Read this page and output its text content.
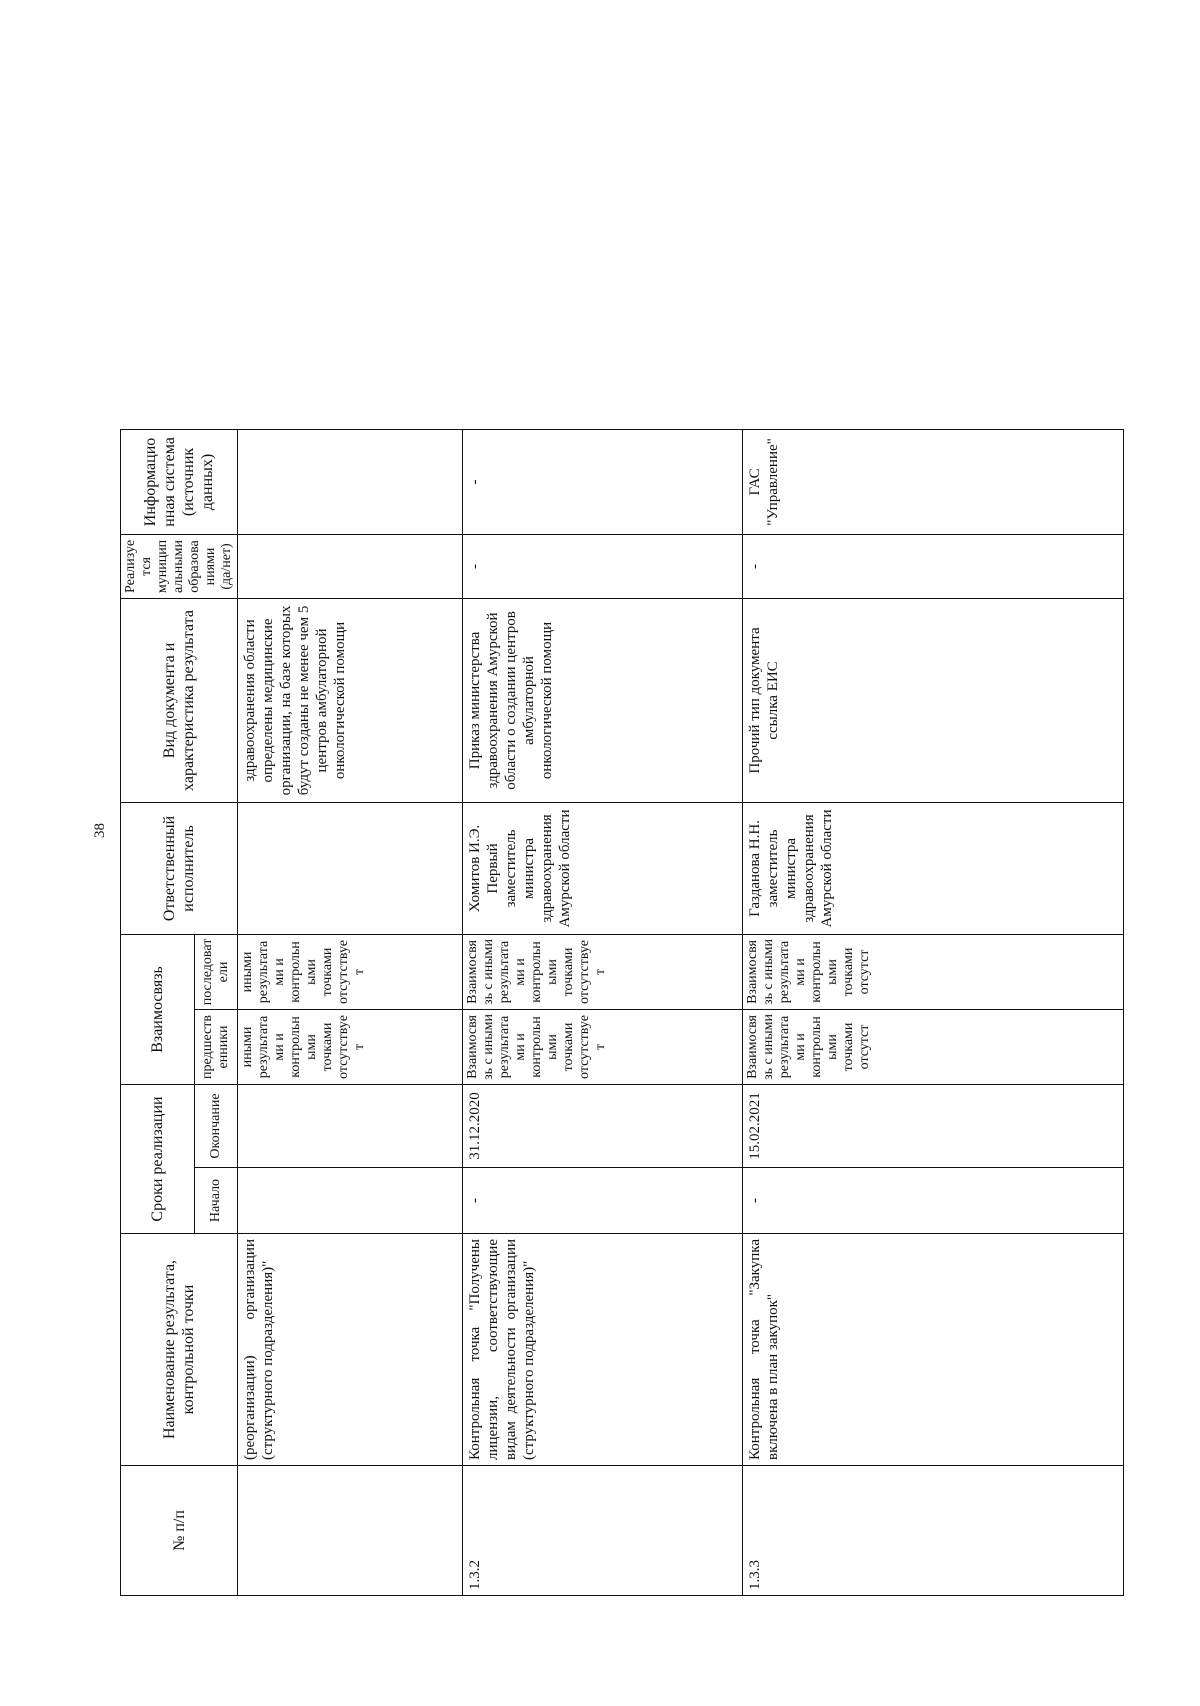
38
№ п/п	Наименование результата, контрольной точки	Сроки реализации		Взаимосвязь		Ответственный исполнитель	Вид документа и характеристика результата	Реализуется муниципальными образованиями (да/нет)	Информационная система (источник данных)
		Начало	Окончание	предшественники	последователи				
	(реорганизации) организации (структурного подразделения)"			иными результатами и контрольными точками отсутствует	иными результатами и контрольными точками отсутствует		здравоохранения области определены медицинские организации, на базе которых будут созданы не менее чем 5 центров амбулаторной онкологической помощи		
1.3.2	Контрольная точка "Получены лицензии, соответствующие видам деятельности организации (структурного подразделения)"	-	31.12.2020	Взаимосвязь с иными результатами и контрольными точками отсутствует	Взаимосвязь с иными результатами и контрольными точками отсутствует	Хомитов И.Э. Первый заместитель министра здравоохранения Амурской области	Приказ министерства здравоохранения Амурской области о создании центров амбулаторной онкологической помощи	-	-
1.3.3	Контрольная точка "Закупка включена в план закупок"	-	15.02.2021	Взаимосвязь с иными результатами и контрольными точками отсутст	Взаимосвязь с иными результатами и контрольными точками отсутст	Газданова Н.Н. заместитель министра здравоохранения Амурской области	Прочий тип документа ссылка ЕИС	-	ГАС "Управление"
